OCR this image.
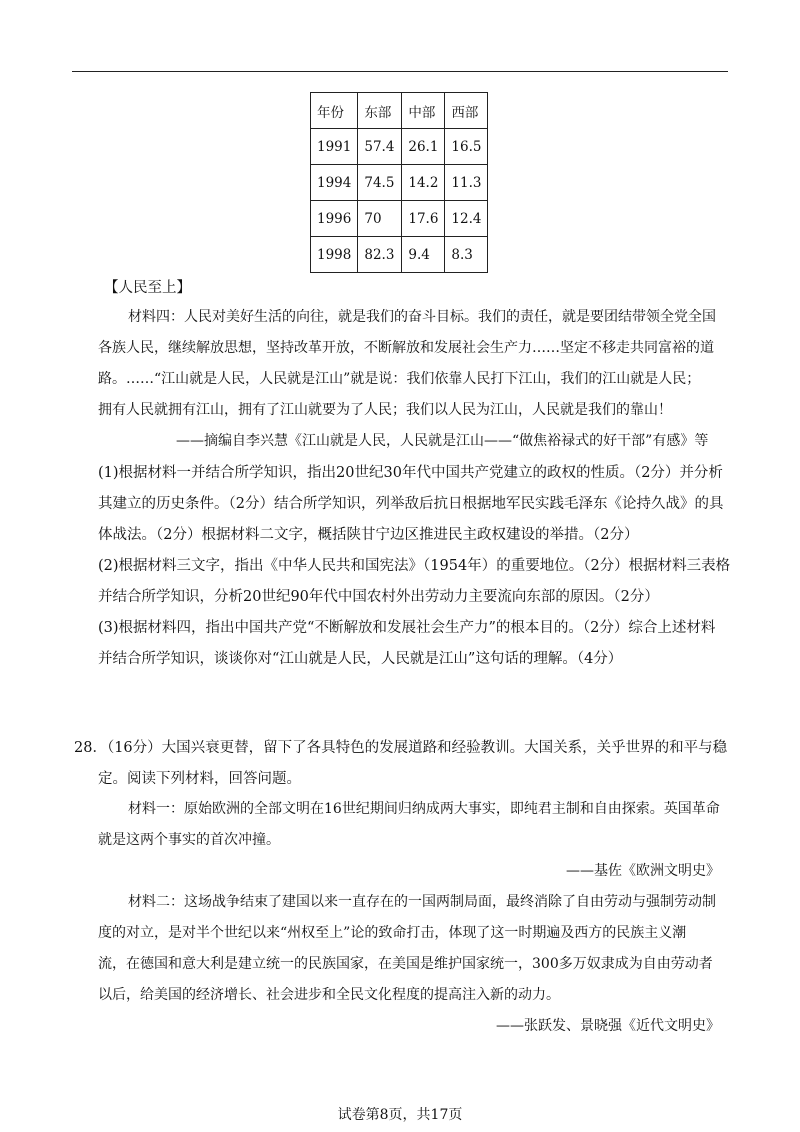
年份	东部	中部	西部
1991	57.4	26.1	16.5
1994	74.5	14.2	11.3
1996	70	17.6	12.4
1998	82.3	9.4	8.3
【人民至上】
材料四：人民对美好生活的向往，就是我们的奋斗目标。我们的责任，就是要团结带领全党全国
各族人民，继续解放思想，坚持改革开放，不断解放和发展社会生产力……坚定不移走共同富裕的道
路。……“江山就是人民，人民就是江山”就是说：我们依靠人民打下江山，我们的江山就是人民；
拥有人民就拥有江山，拥有了江山就要为了人民；我们以人民为江山，人民就是我们的靠山！
——摘编自李兴慧《江山就是人民，人民就是江山——“做焦裕禄式的好干部”有感》等
(1)根据材料一并结合所学知识，指出20世纪30年代中国共产党建立的政权的性质。（2分）并分析
其建立的历史条件。（2分）结合所学知识，列举敌后抗日根据地军民实践毛泽东《论持久战》的具
体战法。（2分）根据材料二文字，概括陕甘宁边区推进民主政权建设的举措。（2分）
(2)根据材料三文字，指出《中华人民共和国宪法》（1954年）的重要地位。（2分）根据材料三表格
并结合所学知识，分析20世纪90年代中国农村外出劳动力主要流向东部的原因。（2分）
(3)根据材料四，指出中国共产党“不断解放和发展社会生产力”的根本目的。（2分）综合上述材料
并结合所学知识，谈谈你对“江山就是人民，人民就是江山”这句话的理解。（4分）
28．（16分）大国兴衰更替，留下了各具特色的发展道路和经验教训。大国关系，关乎世界的和平与稳
定。阅读下列材料，回答问题。
材料一：原始欧洲的全部文明在16世纪期间归纳成两大事实，即纯君主制和自由探索。英国革命
就是这两个事实的首次冲撞。
——基佐《欧洲文明史》
材料二：这场战争结束了建国以来一直存在的一国两制局面，最终消除了自由劳动与强制劳动制
度的对立，是对半个世纪以来“州权至上”论的致命打击，体现了这一时期遍及西方的民族主义潮
流，在德国和意大利是建立统一的民族国家，在美国是维护国家统一，300多万奴隶成为自由劳动者
以后，给美国的经济增长、社会进步和全民文化程度的提高注入新的动力。
——张跃发、景晓强《近代文明史》
试卷第8页，共17页
